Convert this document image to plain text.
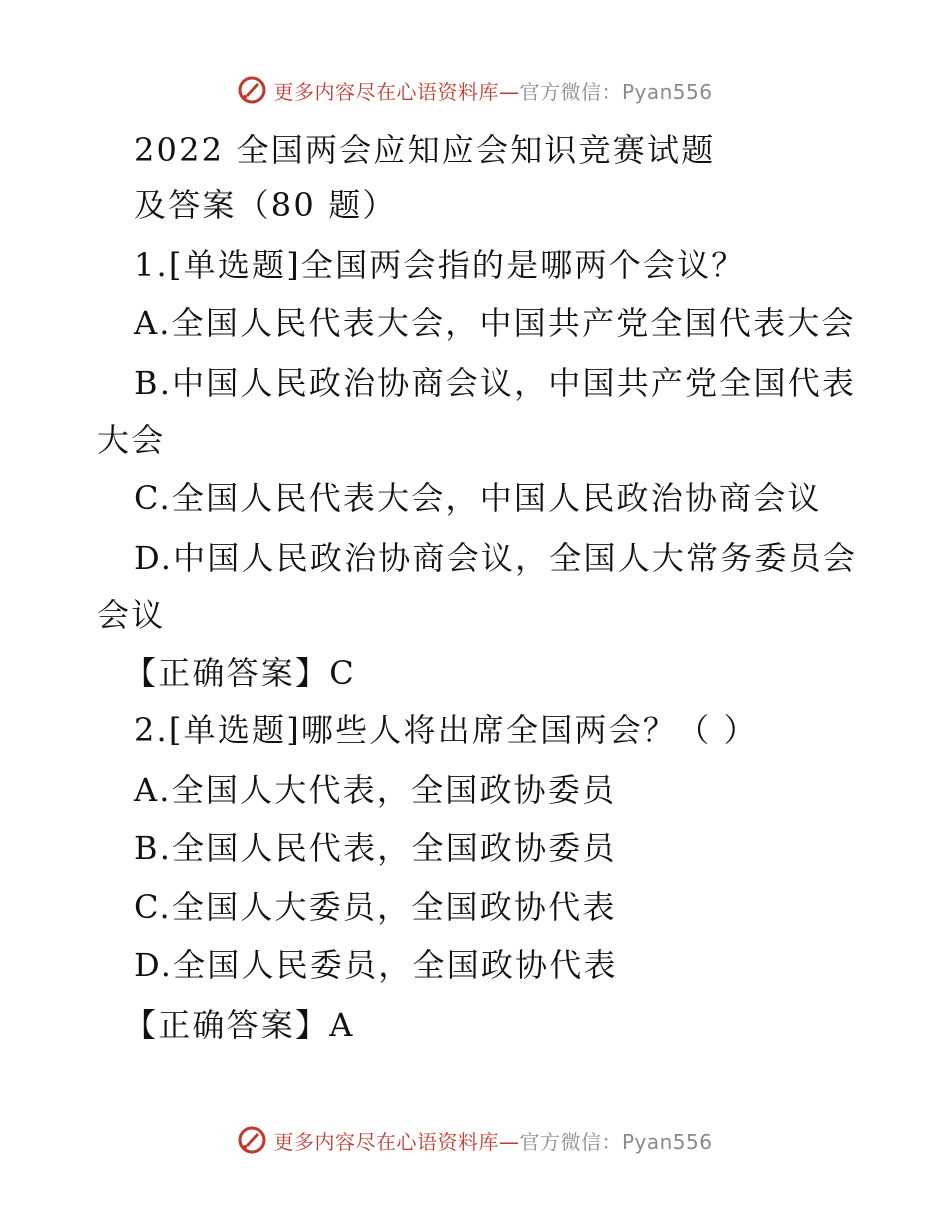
更多内容尽在心语资料库—官方微信：Pyan556
2022 全国两会应知应会知识竞赛试题
及答案（80 题）
1.[单选题]全国两会指的是哪两个会议？
A.全国人民代表大会，中国共产党全国代表大会
B.中国人民政治协商会议，中国共产党全国代表
大会
C.全国人民代表大会，中国人民政治协商会议
D.中国人民政治协商会议，全国人大常务委员会
会议
【正确答案】C
2.[单选题]哪些人将出席全国两会？（ ）
A.全国人大代表，全国政协委员
B.全国人民代表，全国政协委员
C.全国人大委员，全国政协代表
D.全国人民委员，全国政协代表
【正确答案】A
更多内容尽在心语资料库—官方微信：Pyan556
